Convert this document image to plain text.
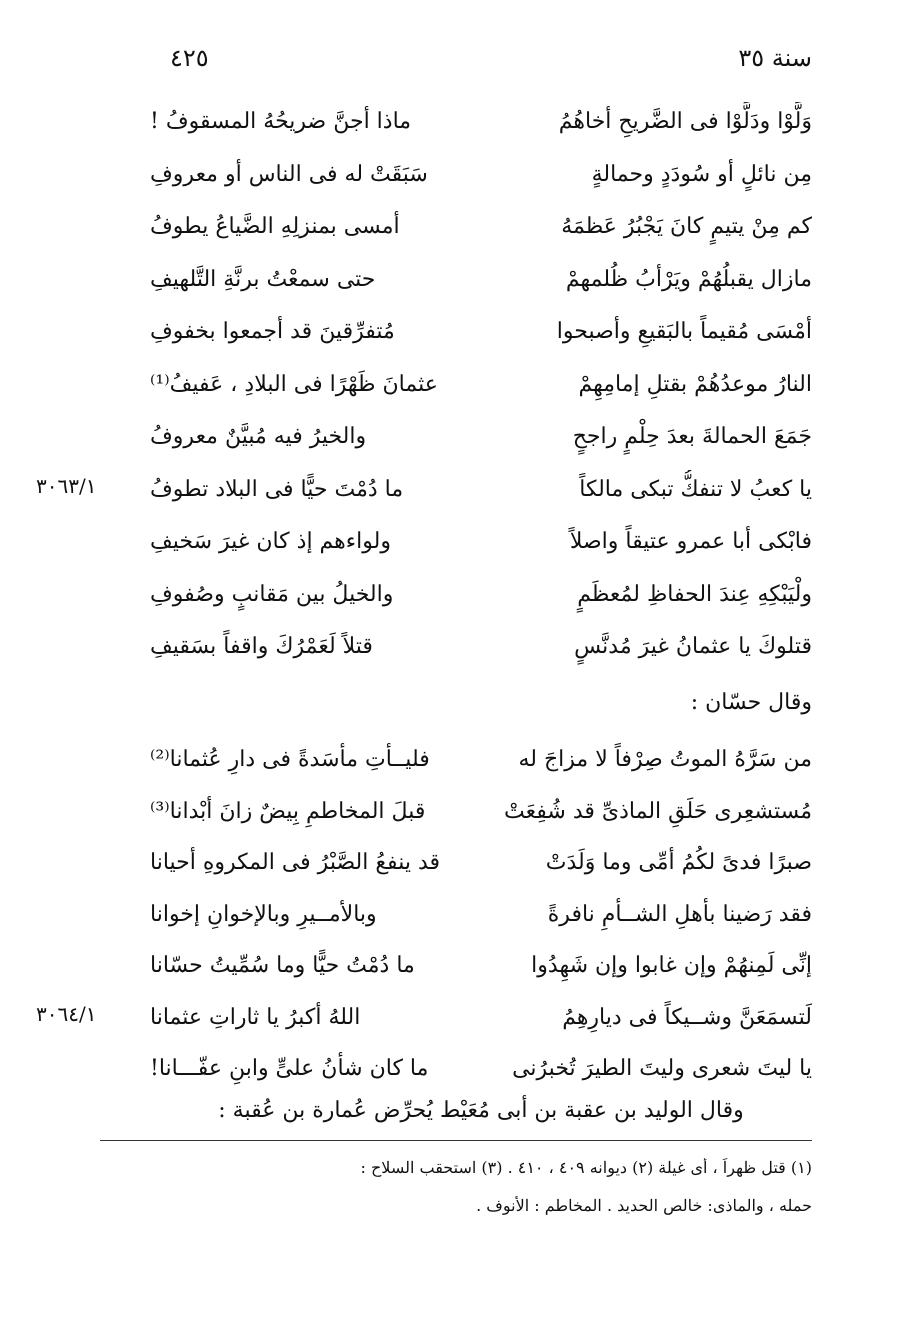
سنة ٣٥
٤٢٥
وَلَّوْا ودَلَّوْا فى الضَّريحِ أخاهُمُ
ماذا أجنَّ ضريحُهُ المسقوفُ !
مِن نائلٍ أو سُودَدٍ وحمالةٍ
سَبَقَتْ له فى الناس أو معروفِ
كم مِنْ يتيمٍ كانَ يَجْبُرُ عَظمَهُ
أمسى بمنزلِهِ الضَّياعُ يطوفُ
مازال يقبلُهُمْ ويَرْأبُ ظُلمهمْ
حتى سمعْتُ برنَّةِ التَّلهيفِ
أمْسَى مُقيماً بالبَقيعِ وأصبحوا
مُتفرِّقينَ قد أجمعوا بخفوفِ
النارُ موعدُهُمْ بقتلِ إمامِهِمْ
عثمانَ ظَهْرًا فى البلادِ ، عَفيفُ⁽¹⁾
جَمَعَ الحمالةَ بعدَ حِلْمٍ راجحٍ
والخيرُ فيه مُبيَّنٌ معروفُ
يا كعبُ لا تنفكُّ تبكى مالكاً
ما دُمْتَ حيًّا فى البلاد تطوفُ
٣٠٦٣/١
فابْكى أبا عمرو عتيقاً واصلاً
ولواءهم إذ كان غيرَ سَخيفِ
ولْيَبْكِهِ عِندَ الحفاظِ لمُعظَمٍ
والخيلُ بين مَقانبٍ وصُفوفِ
قتلوكَ يا عثمانُ غيرَ مُدنَّسٍ
قتلاً لَعَمْرُكَ واقفاً بسَقيفِ
وقال حسّان :
من سَرَّهُ الموتُ صِرْفاً لا مزاجَ له
فليــأتِ مأسَدةً فى دارِ عُثمانا⁽²⁾
مُستشعِرى حَلَقِ الماذىِّ قد شُفِعَتْ
قبلَ المخاطمِ بِيضٌ زانَ أبْدانا⁽³⁾
صبرًا فدىً لكُمُ أمِّى وما وَلَدَتْ
قد ينفعُ الصَّبْرُ فى المكروهِ أحيانا
فقد رَضينا بأهلِ الشــأمِ نافرةً
وبالأمــيرِ وبالإخوانِ إخوانا
إنِّى لَمِنهُمْ وإن غابوا وإن شَهِدُوا
ما دُمْتُ حيًّا وما سُمِّيتُ حسّانا
لَتسمَعَنَّ وشــيكاً فى ديارِهِمُ
اللهُ أكبرُ يا ثاراتِ عثمانا
٣٠٦٤/١
يا ليتَ شعرى وليتَ الطيرَ تُخبرُنى
ما كان شأنُ علىٍّ وابنِ عفّـــانا!
وقال الوليد بن عقبة بن أبى مُعَيْط يُحرِّض عُمارة بن عُقبة :
(١) قتل ظهراً ، أى غيلة (٢) ديوانه ٤٠٩ ، ٤١٠ . (٣) استحقب السلاح :
حمله ، والماذى: خالص الحديد . المخاطم : الأنوف .
